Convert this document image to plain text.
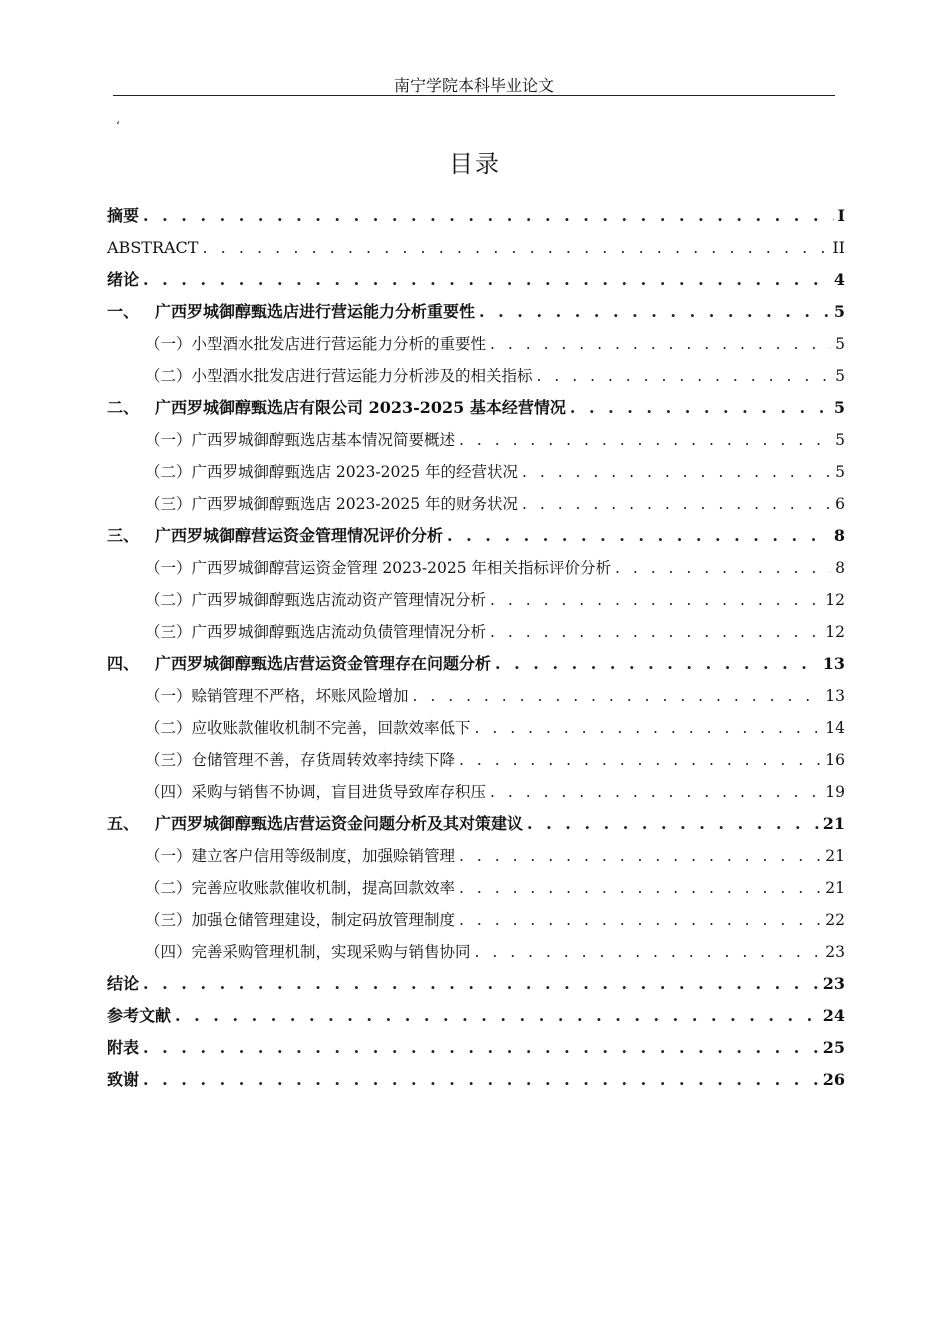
南宁学院本科毕业论文
‘
目录
摘要 . . .	I
ABSTRACT . . .	II
绪论 . . .	4
一、 广西罗城御醇甄选店进行营运能力分析重要性 . . .	5
（一）小型酒水批发店进行营运能力分析的重要性 . . .	5
（二）小型酒水批发店进行营运能力分析涉及的相关指标 . . .	5
二、 广西罗城御醇甄选店有限公司 2023-2025 基本经营情况 . . .	5
（一）广西罗城御醇甄选店基本情况简要概述 . . .	5
（二）广西罗城御醇甄选店 2023-2025 年的经营状况 . . .	5
（三）广西罗城御醇甄选店 2023-2025 年的财务状况 . . .	6
三、 广西罗城御醇营运资金管理情况评价分析 . . .	8
（一）广西罗城御醇营运资金管理 2023-2025 年相关指标评价分析 . . .	8
（二）广西罗城御醇甄选店流动资产管理情况分析 . . .	12
（三）广西罗城御醇甄选店流动负债管理情况分析 . . .	12
四、 广西罗城御醇甄选店营运资金管理存在问题分析 . . .	13
（一）赊销管理不严格，坏账风险增加 . . .	13
（二）应收账款催收机制不完善，回款效率低下 . . .	14
（三）仓储管理不善，存货周转效率持续下降 . . .	16
（四）采购与销售不协调，盲目进货导致库存积压 . . .	19
五、 广西罗城御醇甄选店营运资金问题分析及其对策建议 . . .	21
（一）建立客户信用等级制度，加强赊销管理 . . .	21
（二）完善应收账款催收机制，提高回款效率 . . .	21
（三）加强仓储管理建设，制定码放管理制度 . . .	22
（四）完善采购管理机制，实现采购与销售协同 . . .	23
结论 . . .	23
参考文献 . . .	24
附表 . . .	25
致谢 . . .	26
